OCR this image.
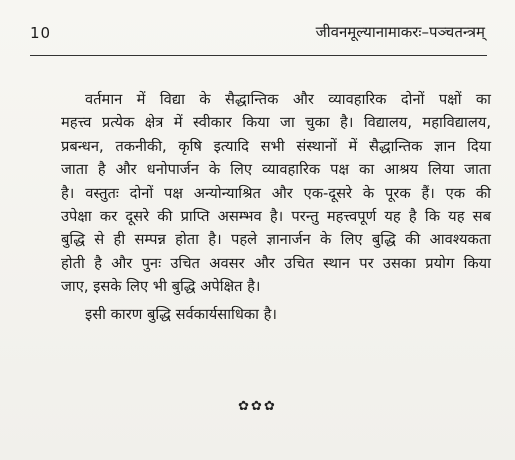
10	जीवनमूल्यानामाकरः–पञ्चतन्त्रम्
वर्तमान में विद्या के सैद्धान्तिक और व्यावहारिक दोनों पक्षों का
महत्त्व प्रत्येक क्षेत्र में स्वीकार किया जा चुका है। विद्यालय, महाविद्यालय,
प्रबन्धन, तकनीकी, कृषि इत्यादि सभी संस्थानों में सैद्धान्तिक ज्ञान दिया
जाता है और धनोपार्जन के लिए व्यावहारिक पक्ष का आश्रय लिया जाता
है। वस्तुतः दोनों पक्ष अन्योन्याश्रित और एक-दूसरे के पूरक हैं। एक की
उपेक्षा कर दूसरे की प्राप्ति असम्भव है। परन्तु महत्त्वपूर्ण यह है कि यह सब
बुद्धि से ही सम्पन्न होता है। पहले ज्ञानार्जन के लिए बुद्धि की आवश्यकता
होती है और पुनः उचित अवसर और उचित स्थान पर उसका प्रयोग किया
जाए, इसके लिए भी बुद्धि अपेक्षित है।
इसी कारण बुद्धि सर्वकार्यसाधिका है।
✿✿✿
